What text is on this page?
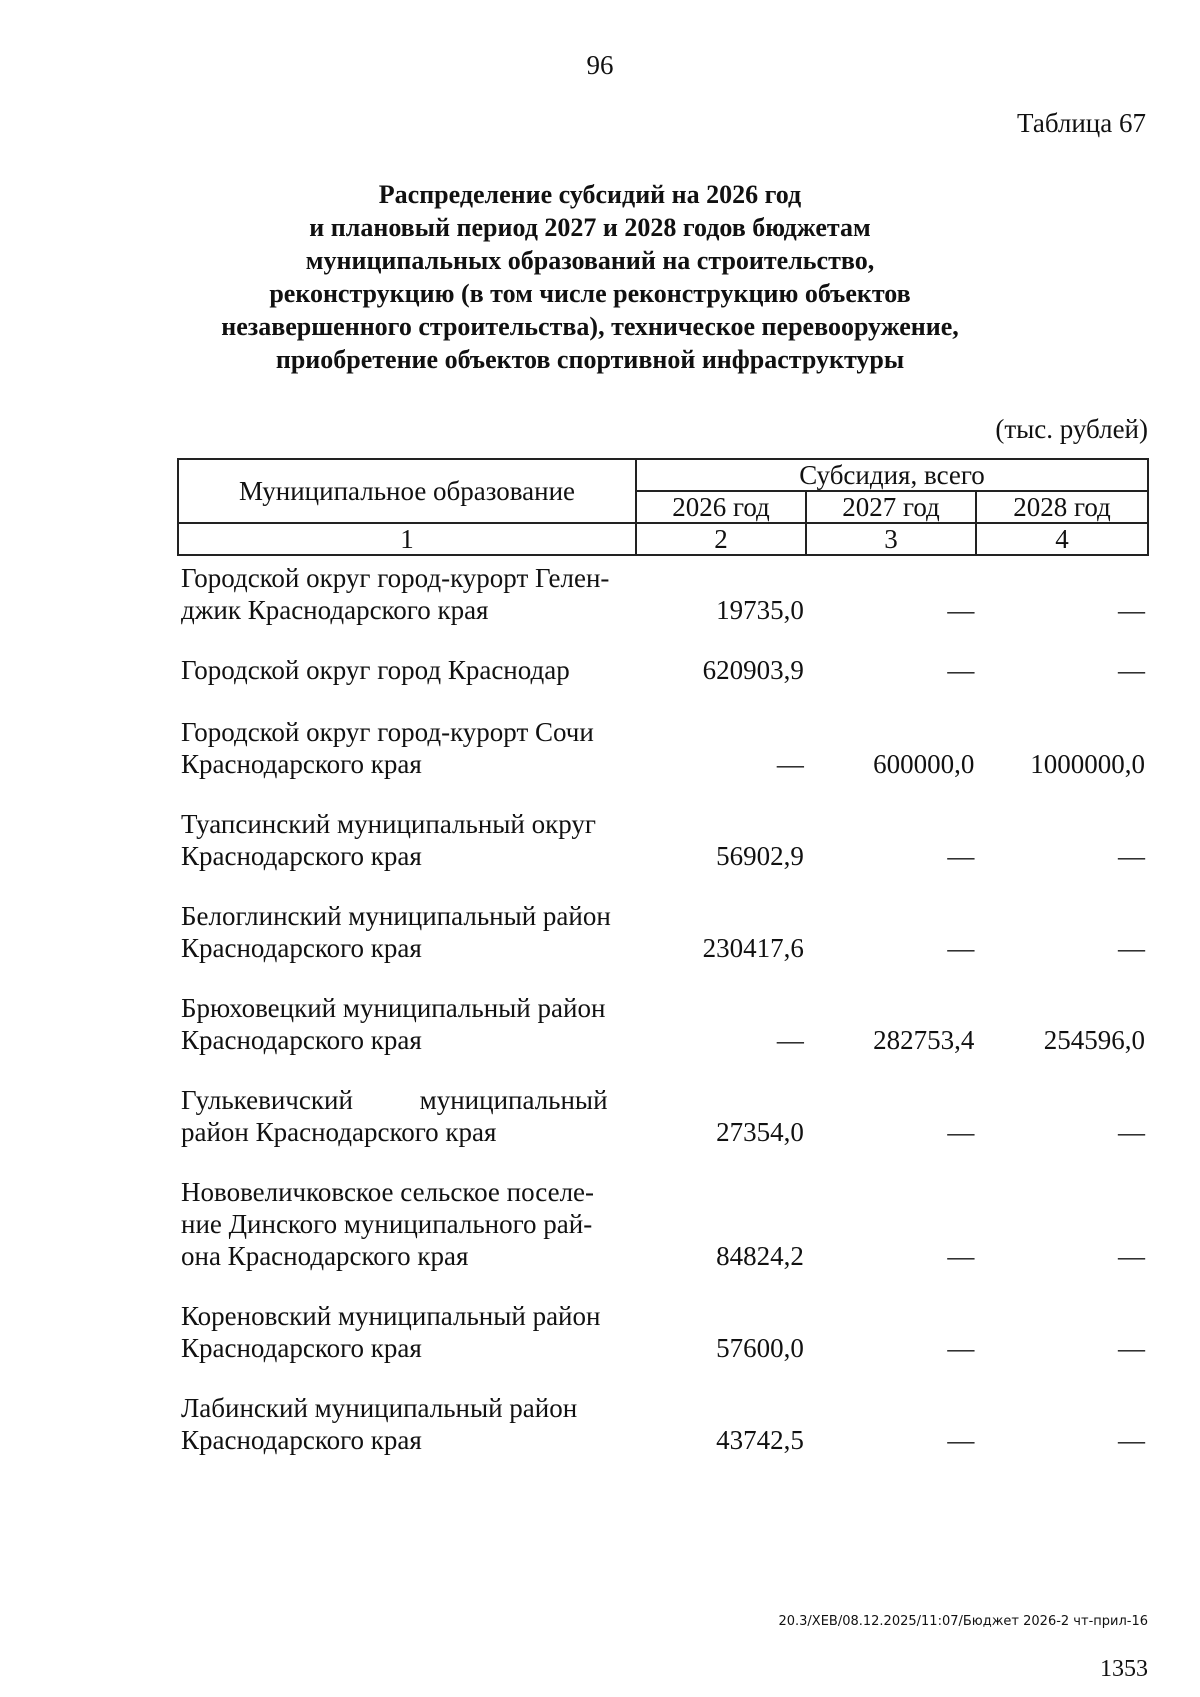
96
Таблица 67
Распределение субсидий на 2026 год
и плановый период 2027 и 2028 годов бюджетам
муниципальных образований на строительство,
реконструкцию (в том числе реконструкцию объектов
незавершенного строительства), техническое перевооружение,
приобретение объектов спортивной инфраструктуры
(тыс. рублей)
Муниципальное образование	Субсидия, всего		
	2026 год	2027 год	2028 год
1	2	3	4
Городской округ город-курорт Гелен-
джик Краснодарского края	19735,0	—	—
Городской округ город Краснодар	620903,9	—	—
Городской округ город-курорт Сочи
Краснодарского края	—	600000,0	1000000,0
Туапсинский муниципальный округ
Краснодарского края	56902,9	—	—
Белоглинский муниципальный район
Краснодарского края	230417,6	—	—
Брюховецкий муниципальный район
Краснодарского края	—	282753,4	254596,0
Гулькевичский муниципальный
район Краснодарского края	27354,0	—	—
Нововеличковское сельское поселе-
ние Динского муниципального рай-
она Краснодарского края	84824,2	—	—
Кореновский муниципальный район
Краснодарского края	57600,0	—	—
Лабинский муниципальный район
Краснодарского края	43742,5	—	—
20.3/ХЕВ/08.12.2025/11:07/Бюджет 2026-2 чт-прил-16
1353
